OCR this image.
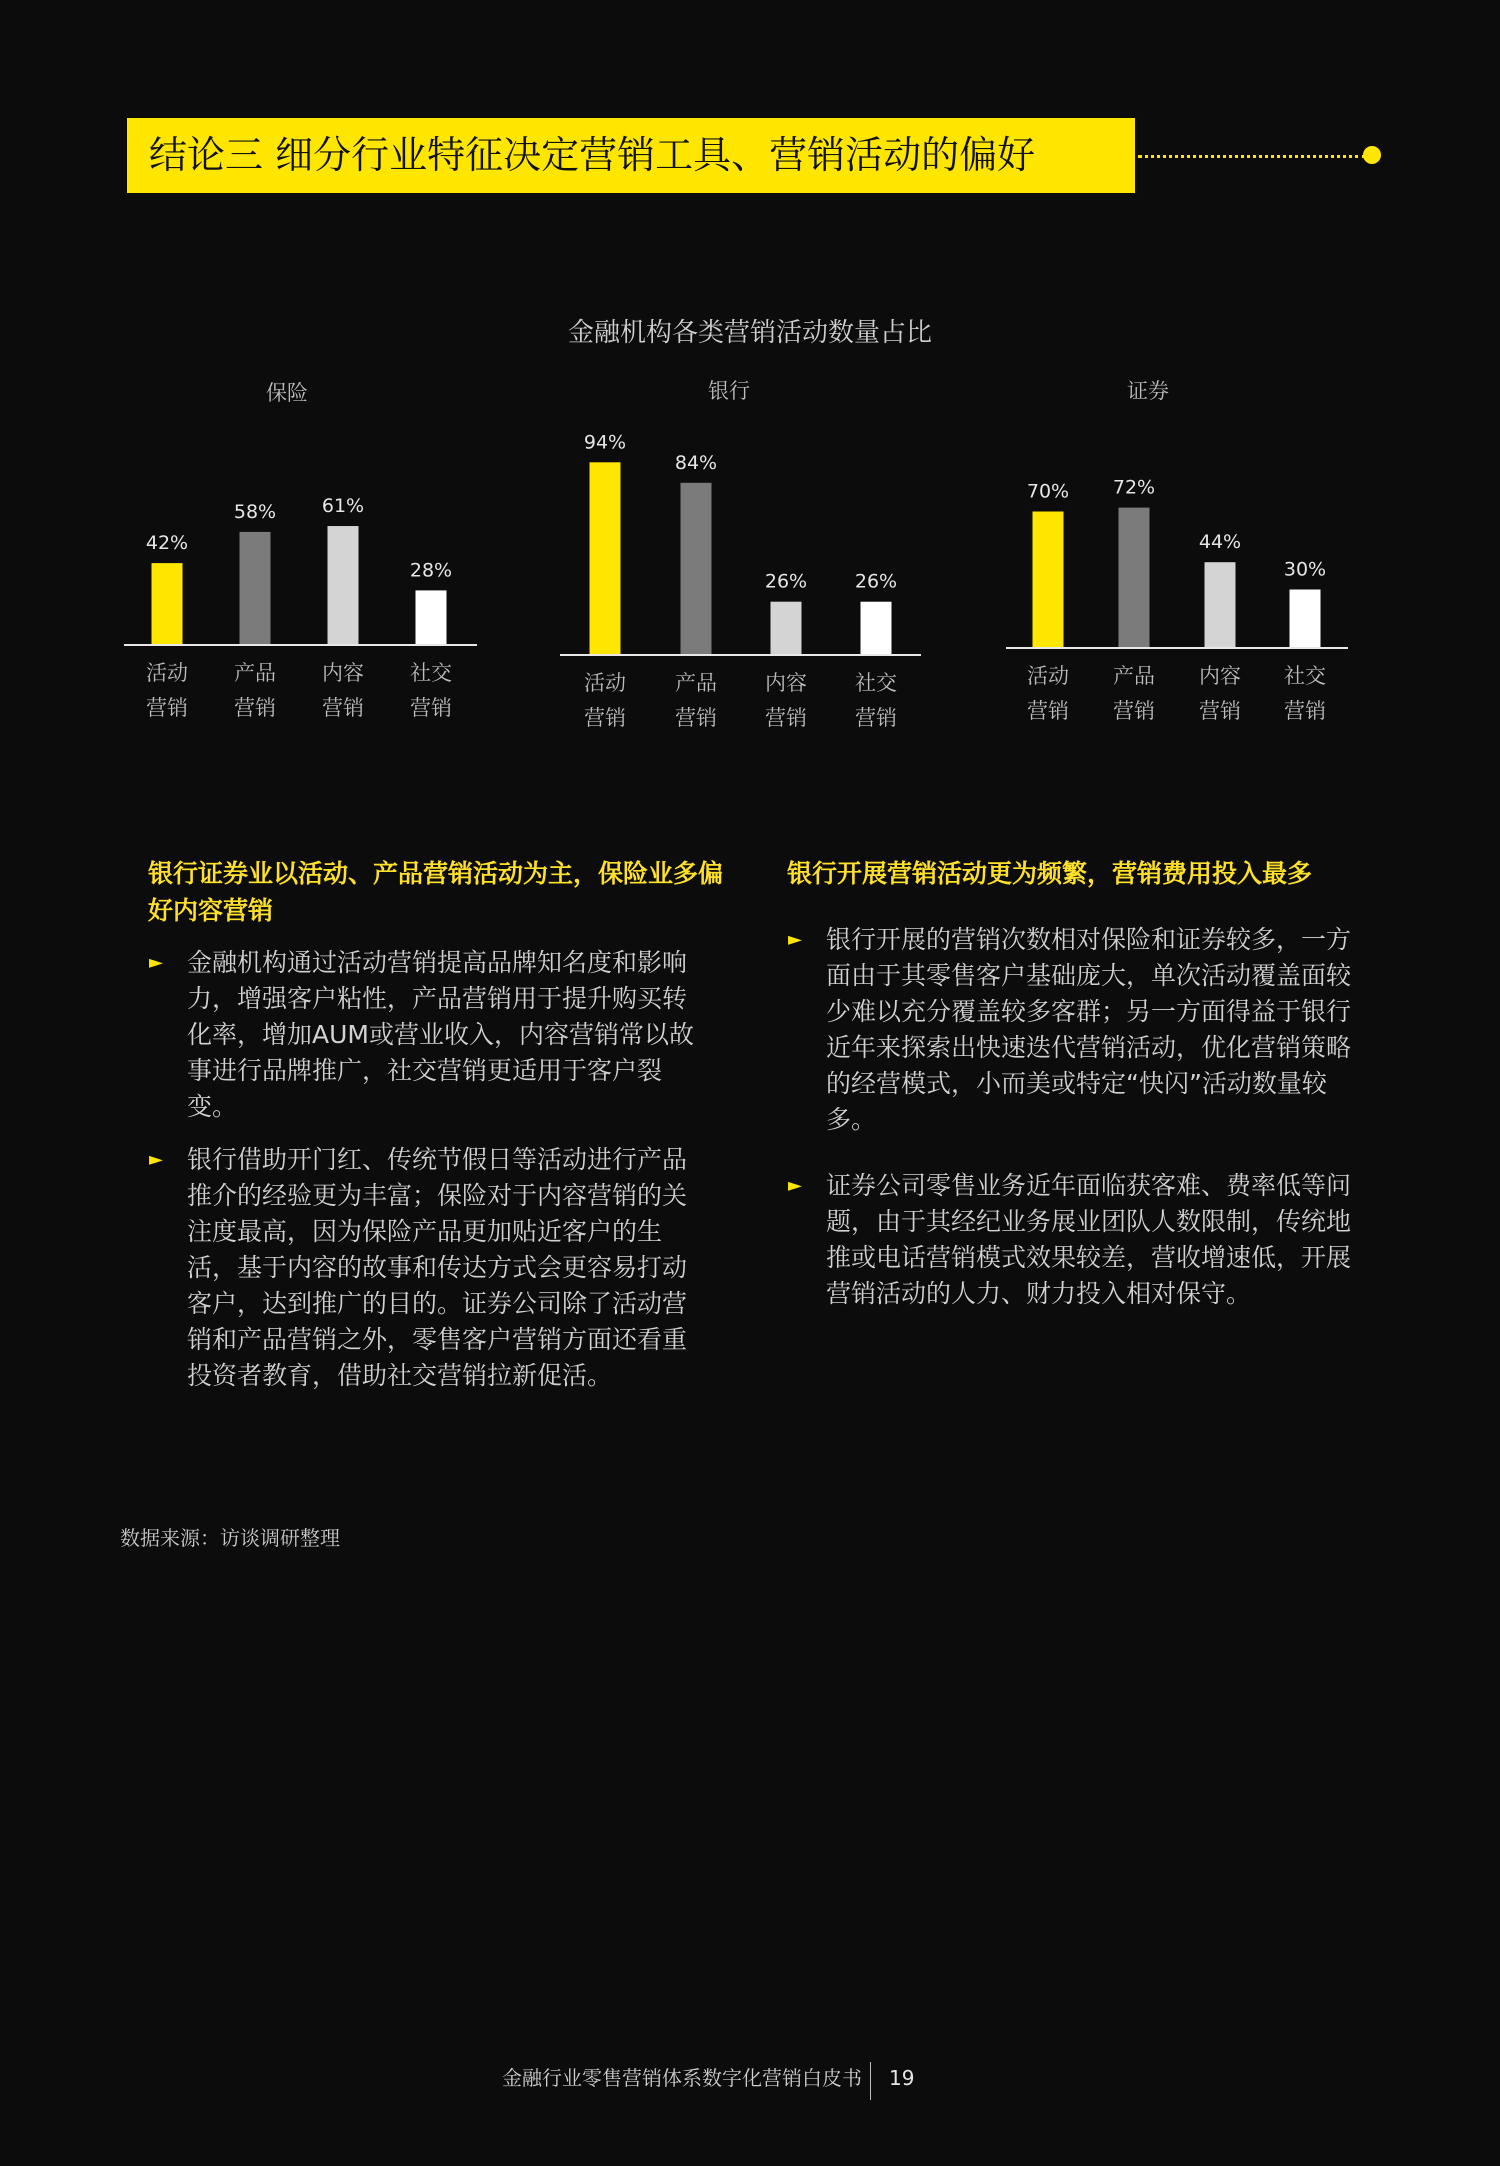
结论三 细分行业特征决定营销工具、营销活动的偏好
金融机构各类营销活动数量占比
保险	银行	证券
42%
活动
营销
58%
产品
营销
61%
内容
营销
28%
社交
营销
94%
活动
营销
84%
产品
营销
26%
内容
营销
26%
社交
营销
70%
活动
营销
72%
产品
营销
44%
内容
营销
30%
社交
营销
银行证券业以活动、产品营销活动为主，保险业多偏好内容营销
► 金融机构通过活动营销提高品牌知名度和影响力，增强客户粘性，产品营销用于提升购买转化率，增加AUM或营业收入，内容营销常以故事进行品牌推广，社交营销更适用于客户裂变。
► 银行借助开门红、传统节假日等活动进行产品推介的经验更为丰富；保险对于内容营销的关注度最高，因为保险产品更加贴近客户的生活，基于内容的故事和传达方式会更容易打动客户，达到推广的目的。证券公司除了活动营销和产品营销之外，零售客户营销方面还看重投资者教育，借助社交营销拉新促活。
银行开展营销活动更为频繁，营销费用投入最多
► 银行开展的营销次数相对保险和证券较多，一方面由于其零售客户基础庞大，单次活动覆盖面较少难以充分覆盖较多客群；另一方面得益于银行近年来探索出快速迭代营销活动，优化营销策略的经营模式，小而美或特定“快闪”活动数量较多。
► 证券公司零售业务近年面临获客难、费率低等问题，由于其经纪业务展业团队人数限制，传统地推或电话营销模式效果较差，营收增速低，开展营销活动的人力、财力投入相对保守。
数据来源：访谈调研整理
金融行业零售营销体系数字化营销白皮书 19
